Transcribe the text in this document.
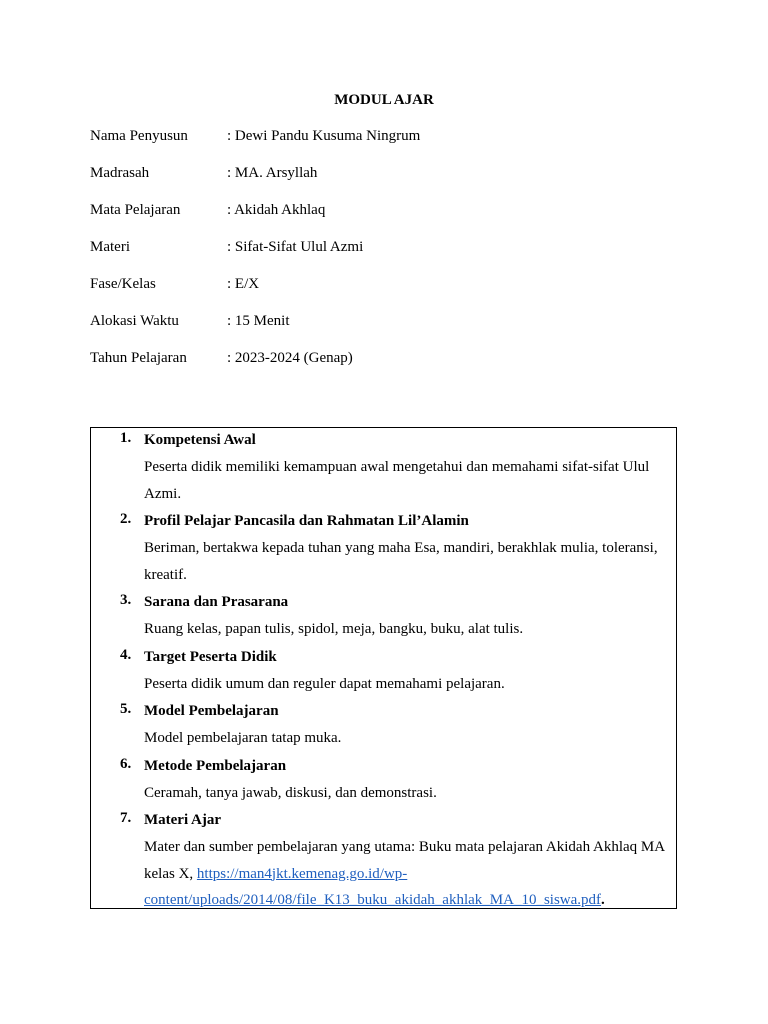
MODUL AJAR
Nama Penyusun	: Dewi Pandu Kusuma Ningrum
Madrasah	: MA. Arsyllah
Mata Pelajaran	: Akidah Akhlaq
Materi	: Sifat-Sifat Ulul Azmi
Fase/Kelas	: E/X
Alokasi Waktu	: 15 Menit
Tahun Pelajaran	: 2023-2024 (Genap)
1. Kompetensi Awal
Peserta didik memiliki kemampuan awal mengetahui dan memahami sifat-sifat Ulul Azmi.
2. Profil Pelajar Pancasila dan Rahmatan Lil’Alamin
Beriman, bertakwa kepada tuhan yang maha Esa, mandiri, berakhlak mulia, toleransi, kreatif.
3. Sarana dan Prasarana
Ruang kelas, papan tulis, spidol, meja, bangku, buku, alat tulis.
4. Target Peserta Didik
Peserta didik umum dan reguler dapat memahami pelajaran.
5. Model Pembelajaran
Model pembelajaran tatap muka.
6. Metode Pembelajaran
Ceramah, tanya jawab, diskusi, dan demonstrasi.
7. Materi Ajar
Mater dan sumber pembelajaran yang utama: Buku mata pelajaran Akidah Akhlaq MA kelas X, https://man4jkt.kemenag.go.id/wp-content/uploads/2014/08/file_K13_buku_akidah_akhlak_MA_10_siswa.pdf.
